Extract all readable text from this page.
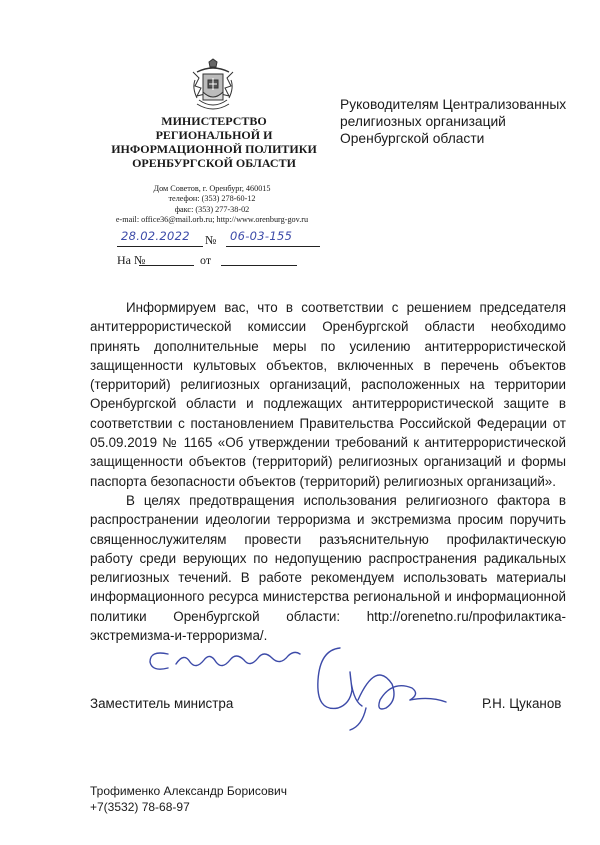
МИНИСТЕРСТВО
РЕГИОНАЛЬНОЙ И
ИНФОРМАЦИОННОЙ ПОЛИТИКИ
ОРЕНБУРГСКОЙ ОБЛАСТИ
Дом Советов, г. Оренбург, 460015
телефон: (353) 278-60-12
факс: (353) 277-38-02
e-mail: office36@mail.orb.ru; http://www.orenburg-gov.ru
28.02.2022 № 06-03-155
На №	от
Руководителям Централизованных
религиозных организаций
Оренбургской области

Информируем вас, что в соответствии с решением председателя антитеррористической комиссии Оренбургской области необходимо принять дополнительные меры по усилению антитеррористической защищенности культовых объектов, включенных в перечень объектов (территорий) религиозных организаций, расположенных на территории Оренбургской области и подлежащих антитеррористической защите в соответствии с постановлением Правительства Российской Федерации от 05.09.2019 № 1165 «Об утверждении требований к антитеррористической защищенности объектов (территорий) религиозных организаций и формы паспорта безопасности объектов (территорий) религиозных организаций».

В целях предотвращения использования религиозного фактора в распространении идеологии терроризма и экстремизма просим поручить священнослужителям провести разъяснительную профилактическую работу среди верующих по недопущению распространения радикальных религиозных течений. В работе рекомендуем использовать материалы информационного ресурса министерства региональной и информационной политики Оренбургской области: http://orenetno.ru/профилактика-экстремизма-и-терроризма/.

Заместитель министра	Р.Н. Цуканов
Трофименко Александр Борисович
+7(3532) 78-68-97
